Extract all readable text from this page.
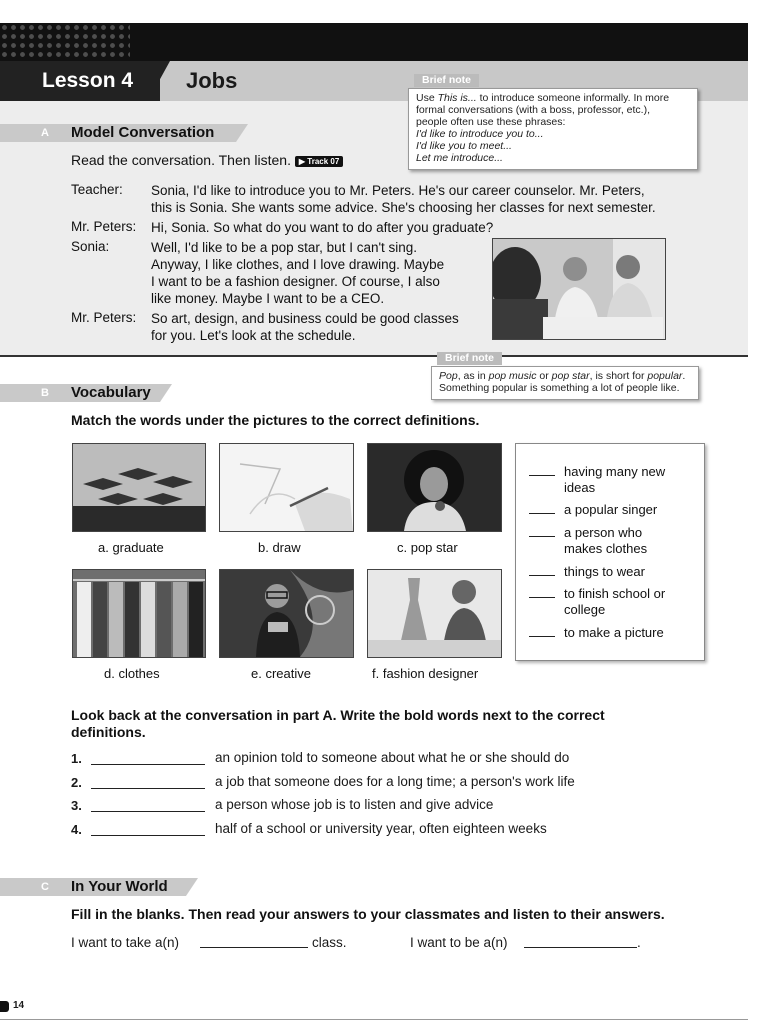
Lesson 4	Jobs	Brief note
Use This is... to introduce someone informally. In more
formal conversations (with a boss, professor, etc.),
people often use these phrases:
I'd like to introduce you to...
I'd like you to meet...
Let me introduce...
A Model Conversation
Read the conversation. Then listen. ▶ Track 07
Teacher: Sonia, I'd like to introduce you to Mr. Peters. He's our career counselor. Mr. Peters,
this is Sonia. She wants some advice. She's choosing her classes for next semester.
Mr. Peters: Hi, Sonia. So what do you want to do after you graduate?
Sonia:	Well, I'd like to be a pop star, but I can't sing.
Anyway, I like clothes, and I love drawing. Maybe
I want to be a fashion designer. Of course, I also
like money. Maybe I want to be a CEO.
Mr. Peters: So art, design, and business could be good classes
for you. Let's look at the schedule.
Brief note
Pop, as in pop music or pop star, is short for popular.
Something popular is something a lot of people like.
B Vocabulary
Match the words under the pictures to the correct definitions.
a. graduate	b. draw	c. pop star
d. clothes	e. creative	f. fashion designer
having many new
ideas
a popular singer
a person who
makes clothes
things to wear
to finish school or
college
to make a picture
Look back at the conversation in part A. Write the bold words next to the correct
definitions.
1.	an opinion told to someone about what he or she should do
2.	a job that someone does for a long time; a person's work life
3.	a person whose job is to listen and give advice
4.	half of a school or university year, often eighteen weeks
C In Your World
Fill in the blanks. Then read your answers to your classmates and listen to their answers.
I want to take a(n)	class.	I want to be a(n)	.
14
